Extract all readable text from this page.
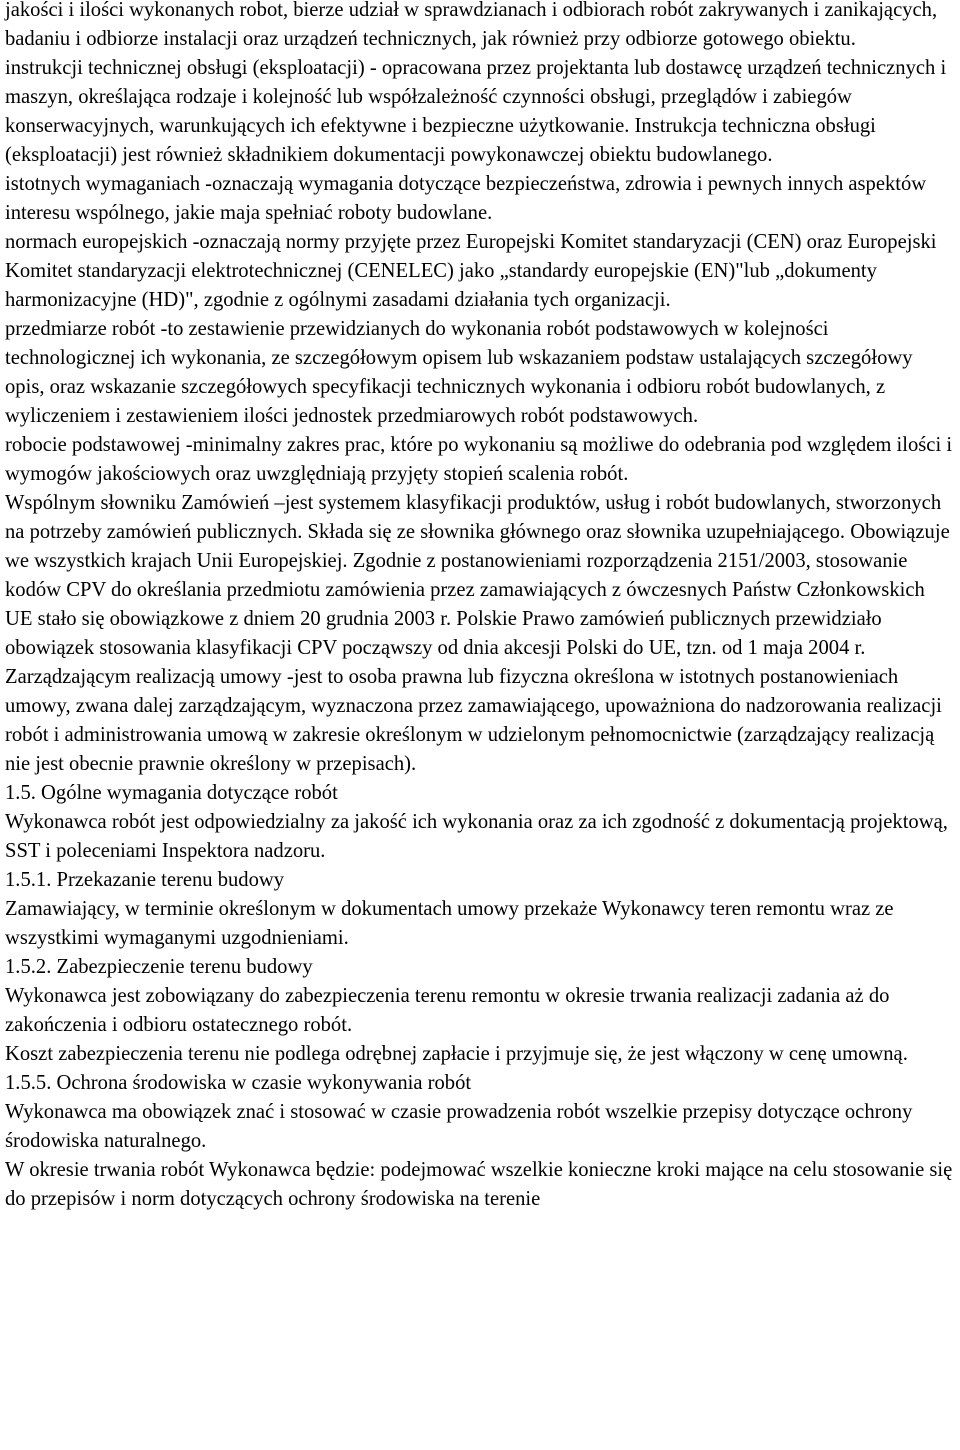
jakości i ilości wykonanych robot, bierze udział w sprawdzianach i odbiorach robót zakrywanych i zanikających, badaniu i odbiorze instalacji oraz urządzeń technicznych, jak również przy odbiorze gotowego obiektu.

instrukcji technicznej obsługi (eksploatacji) - opracowana przez projektanta lub dostawcę urządzeń technicznych i maszyn, określająca rodzaje i kolejność lub współzależność czynności obsługi, przeglądów i zabiegów konserwacyjnych, warunkujących ich efektywne i bezpieczne użytkowanie. Instrukcja techniczna obsługi (eksploatacji) jest również składnikiem dokumentacji powykonawczej obiektu budowlanego.

istotnych wymaganiach -oznaczają wymagania dotyczące bezpieczeństwa, zdrowia i pewnych innych aspektów interesu wspólnego, jakie maja spełniać roboty budowlane.

normach europejskich -oznaczają normy przyjęte przez Europejski Komitet standaryzacji (CEN) oraz Europejski Komitet standaryzacji elektrotechnicznej (CENELEC) jako „standardy europejskie (EN)"lub „dokumenty harmonizacyjne (HD)", zgodnie z ogólnymi zasadami działania tych organizacji.

przedmiarze robót -to zestawienie przewidzianych do wykonania robót podstawowych w kolejności technologicznej ich wykonania, ze szczegółowym opisem lub wskazaniem podstaw ustalających szczegółowy opis, oraz wskazanie szczegółowych specyfikacji technicznych wykonania i odbioru robót budowlanych, z wyliczeniem i zestawieniem ilości jednostek przedmiarowych robót podstawowych.

robocie podstawowej -minimalny zakres prac, które po wykonaniu są możliwe do odebrania pod względem ilości i wymogów jakościowych oraz uwzględniają przyjęty stopień scalenia robót.

Wspólnym słowniku Zamówień –jest systemem klasyfikacji produktów, usług i robót budowlanych, stworzonych na potrzeby zamówień publicznych. Składa się ze słownika głównego oraz słownika uzupełniającego. Obowiązuje we wszystkich krajach Unii Europejskiej. Zgodnie z postanowieniami rozporządzenia 2151/2003, stosowanie kodów CPV do określania przedmiotu zamówienia przez zamawiających z ówczesnych Państw Członkowskich UE stało się obowiązkowe z dniem 20 grudnia 2003 r. Polskie Prawo zamówień publicznych przewidziało obowiązek stosowania klasyfikacji CPV począwszy od dnia akcesji Polski do UE, tzn. od 1 maja 2004 r. Zarządzającym realizacją umowy -jest to osoba prawna lub fizyczna określona w istotnych postanowieniach umowy, zwana dalej zarządzającym, wyznaczona przez zamawiającego, upoważniona do nadzorowania realizacji robót i administrowania umową w zakresie określonym w udzielonym pełnomocnictwie (zarządzający realizacją nie jest obecnie prawnie określony w przepisach).

1.5. Ogólne wymagania dotyczące robót

Wykonawca robót jest odpowiedzialny za jakość ich wykonania oraz za ich zgodność z dokumentacją projektową, SST i poleceniami Inspektora nadzoru.

1.5.1. Przekazanie terenu budowy

Zamawiający, w terminie określonym w dokumentach umowy przekaże Wykonawcy teren remontu wraz ze wszystkimi wymaganymi uzgodnieniami.

1.5.2. Zabezpieczenie terenu budowy

Wykonawca jest zobowiązany do zabezpieczenia terenu remontu w okresie trwania realizacji zadania aż do zakończenia i odbioru ostatecznego robót.

Koszt zabezpieczenia terenu nie podlega odrębnej zapłacie i przyjmuje się, że jest włączony w cenę umowną.

1.5.5. Ochrona środowiska w czasie wykonywania robót

Wykonawca ma obowiązek znać i stosować w czasie prowadzenia robót wszelkie przepisy dotyczące ochrony środowiska naturalnego.

W okresie trwania robót Wykonawca będzie: podejmować wszelkie konieczne kroki mające na celu stosowanie się do przepisów i norm dotyczących ochrony środowiska na terenie
